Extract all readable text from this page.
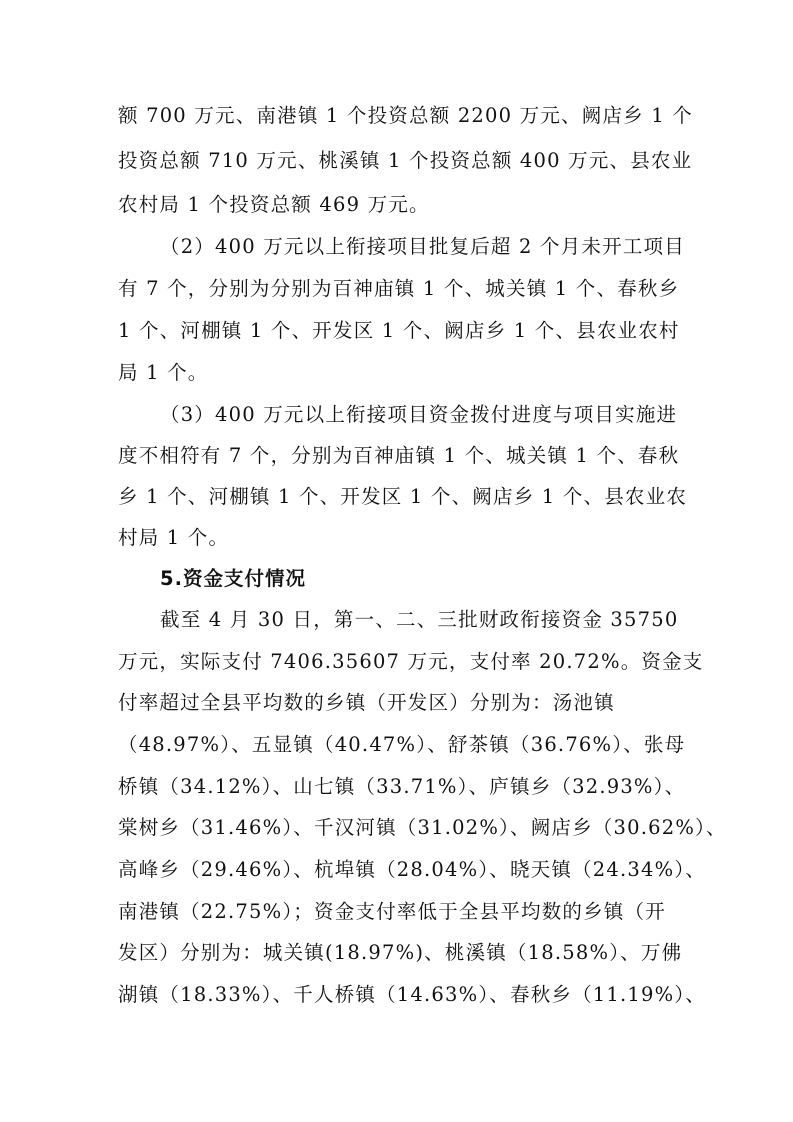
额 700 万元、南港镇 1 个投资总额 2200 万元、阙店乡 1 个
投资总额 710 万元、桃溪镇 1 个投资总额 400 万元、县农业
农村局 1 个投资总额 469 万元。
（2）400 万元以上衔接项目批复后超 2 个月未开工项目
有 7 个，分别为分别为百神庙镇 1 个、城关镇 1 个、春秋乡
1 个、河棚镇 1 个、开发区 1 个、阙店乡 1 个、县农业农村
局 1 个。
（3）400 万元以上衔接项目资金拨付进度与项目实施进
度不相符有 7 个，分别为百神庙镇 1 个、城关镇 1 个、春秋
乡 1 个、河棚镇 1 个、开发区 1 个、阙店乡 1 个、县农业农
村局 1 个。
5.资金支付情况
截至 4 月 30 日，第一、二、三批财政衔接资金 35750
万元，实际支付 7406.35607 万元，支付率 20.72%。资金支
付率超过全县平均数的乡镇（开发区）分别为：汤池镇
（48.97%）、五显镇（40.47%）、舒茶镇（36.76%）、张母
桥镇（34.12%）、山七镇（33.71%）、庐镇乡（32.93%）、
棠树乡（31.46%）、千汉河镇（31.02%）、阙店乡（30.62%）、
高峰乡（29.46%）、杭埠镇（28.04%）、晓天镇（24.34%）、
南港镇（22.75%）；资金支付率低于全县平均数的乡镇（开
发区）分别为：城关镇(18.97%)、桃溪镇（18.58%）、万佛
湖镇（18.33%）、千人桥镇（14.63%）、春秋乡（11.19%）、
